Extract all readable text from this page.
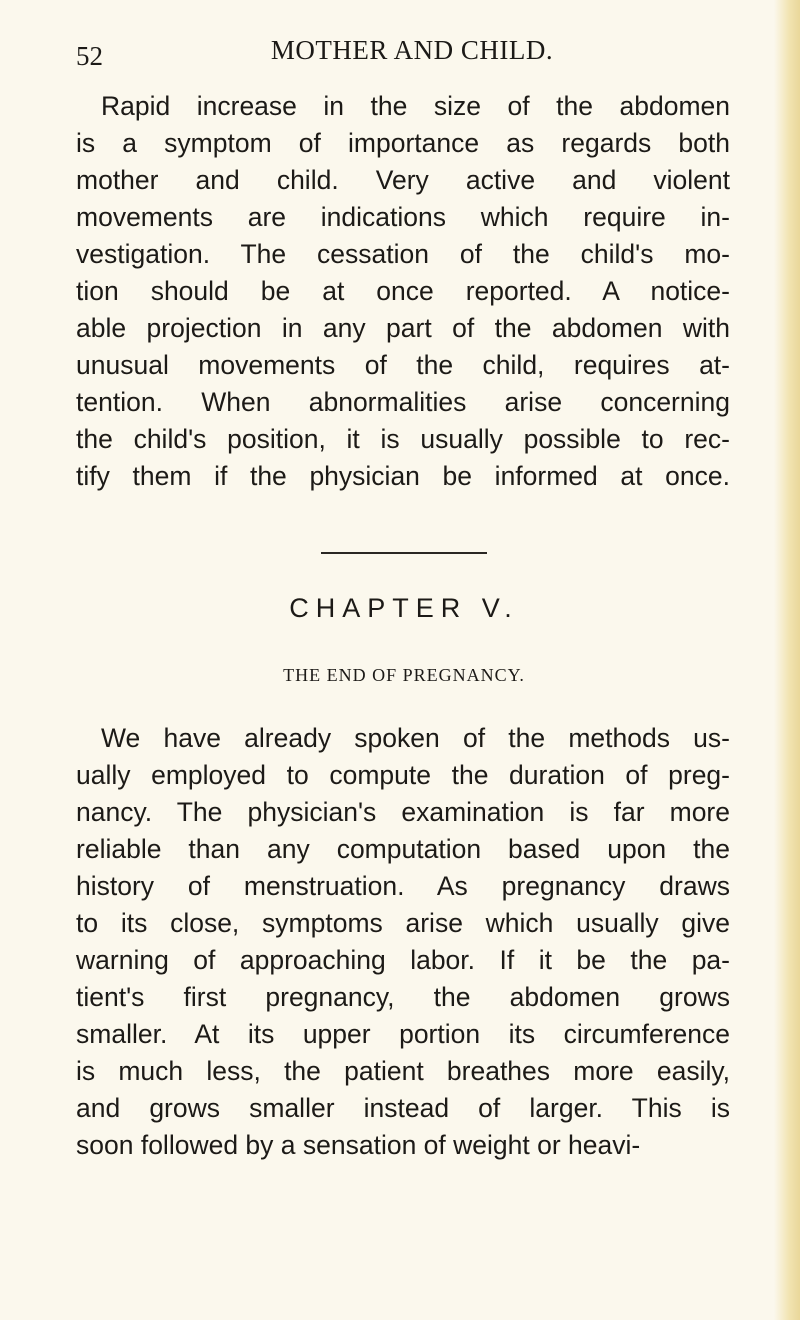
52	MOTHER AND CHILD.
Rapid increase in the size of the abdomen
is a symptom of importance as regards both
mother and child. Very active and violent
movements are indications which require in-
vestigation. The cessation of the child's mo-
tion should be at once reported. A notice-
able projection in any part of the abdomen with
unusual movements of the child, requires at-
tention. When abnormalities arise concerning
the child's position, it is usually possible to rec-
tify them if the physician be informed at once.
CHAPTER V.
THE END OF PREGNANCY.
We have already spoken of the methods us-
ually employed to compute the duration of preg-
nancy. The physician's examination is far more
reliable than any computation based upon the
history of menstruation. As pregnancy draws
to its close, symptoms arise which usually give
warning of approaching labor. If it be the pa-
tient's first pregnancy, the abdomen grows
smaller. At its upper portion its circumference
is much less, the patient breathes more easily,
and grows smaller instead of larger. This is
soon followed by a sensation of weight or heavi-
